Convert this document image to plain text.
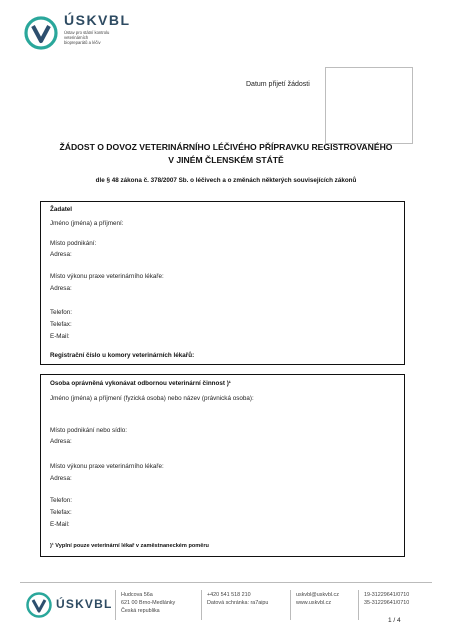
ÚSKVBL
Ústav pro státní kontrolu
veterinárních
biopreparátů a léčiv
Datum přijetí žádosti
ŽÁDOST O DOVOZ VETERINÁRNÍHO LÉČIVÉHO PŘÍPRAVKU REGISTROVANÉHO
V JINÉM ČLENSKÉM STÁTĚ
dle § 48 zákona č. 378/2007 Sb. o léčivech a o změnách některých souvisejících zákonů
Žadatel
Jméno (jména) a příjmení:
Místo podnikání:
Adresa:
Místo výkonu praxe veterinárního lékaře:
Adresa:
Telefon:
Telefax:
E-Mail:
Registrační číslo u komory veterinárních lékařů:
Osoba oprávněná vykonávat odbornou veterinární činnost )¹
Jméno (jména) a příjmení (fyzická osoba) nebo název (právnická osoba):
Místo podnikání nebo sídlo:
Adresa:
Místo výkonu praxe veterinárního lékaře:
Adresa:
Telefon:
Telefax:
E-Mail:
)¹ Vyplní pouze veterinární lékař v zaměstnaneckém poměru
ÚSKVBL
Hudcova 56a
621 00 Brno-Medlánky
Česká republika
+420 541 518 210
Datová schránka: ra7aipu
uskvbl@uskvbl.cz
www.uskvbl.cz
19-31229641/0710
35-31229641/0710
1 / 4
